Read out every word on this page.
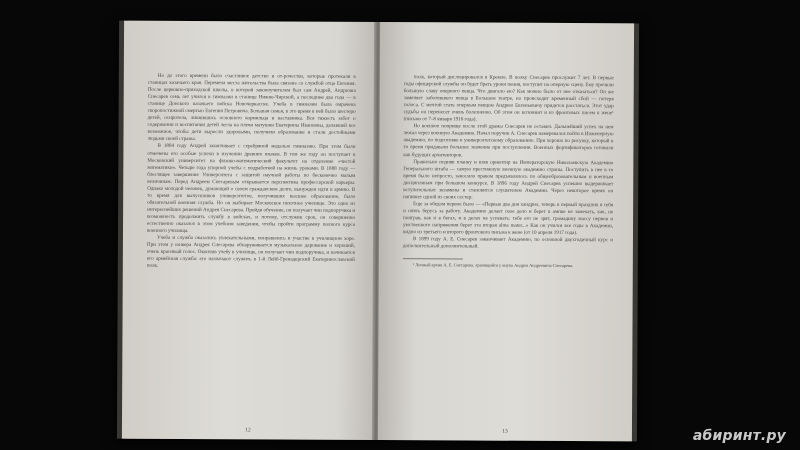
Но до этого времени было счастливое детство и от-рочество, которые протекали в станицах казачьего края. Перемена места жительства была связана со службой отца Евгения. После церковно-приходской школы, в которой законоучителем был сам Андрей, Андрюша Снесарев семь лет учился в гимназии в станице Нижне-Чирской, а последние два года — в станице Донского казачьего войска Новочеркасске. Учеба в гимназии была омрачена скоропостижной смертью Евгения Петровича. Большая семья, в это время в ней было шестеро детей, осиротела, лишившись основного кормильца и наставника. Вся тяжесть забот о содержании и воспитании детей легла на плечи матушки Екатерины Ивановны, делавшей все возможное, чтобы дети выросли здоровыми, получили образование и стали достойными людьми своей страны.

В 1884 году Андрей заканчивает с серебряной медалью гимназию. При этом были отмечены его особые успехи в изучении древних языков. В том же году он поступает в Московский университет на физико-математический факультет на отделение «чистой математики». Четыре года упорной учебы с подработкой на жизнь уроками. В 1888 году — блестящее завершение Университета с защитой научной работы по бесконечно малым величинам. Перед Андреем Снесаревым открывается перспектива профессорской карьеры. Однако молодой человек, думающий о своем гражданском долге, вынужден идти в армию. В то время для выпускников университетов, получивших высшее образование, было обязательной военная служба. Но он выбирает Московское пехотное училище. Это одно из интереснейших решений Андрея Снесарева. Пройдя обучение, он получает чин подпоручика и возможность продолжить службу в войсках, и потому, отслужив срок, он совершенно естественно оказался в этом учебном заведении, чтобы пройти программу полного курса военного училища.

Учеба и служба оказались увлекательными, понравились и участие в училищном хоре. При этом у юнкера Андрея Снесарева обнаруживается музыкальное дарование и хороший, очень красивый голос. Окончив учебу в училище, он получает чин подпоручика, и начинается его армейская служба: его назначают служить в 1-й Лейб-Гренадерский Екатеринославский полк.

12

полк, который дислоцировался в Кремле. В полку Снесарев прослужит 7 лет. В первые годы офицерской службы он будет брать уроки пения, поступит на оперную сцену. Ему прочили большую славу оперного певца. Что двигало ею? Как можно было от нее отказаться? Он же заменяет заболевшего певца в Большом театре, но происходит временный сбой — потеря голоса. С мечтой стать оперным певцом Андрею Евгеньевичу придется расстаться. Этот удар судьбы он перенесет очень болезненно. Об этом он вспомнит и из фронтовых писем к жене¹ (письмо от 7–8 января 1916 года).

Но военное поприще после этой драмы Снесарев не оставил. Дальнейший успех на нем лежал через военную Академию. Начал поручик А. Снесарев намеревался пойти в Инженерную академию, по подготовке к университетскому образованию. При хорошо по рисунку, который в то время придавали большое значение при поступлении. Военных фортификаторов готовили как будущих архитекторов.

Правильно подняв планку и взяв ориентир на Императорскую Николаевскую Академию Генерального штаба — самую престижную военную академию страны. Поступить в нее в то время было непросто, заносило правом предъявлялось по общеобразовательным и военным дисциплинам при большом конкурсе. В 1896 году Андрей Снесарев успешно выдерживает вступительные экзамены и становится слушателем Академии. Через некоторое время он напишет одной из своих сестер:

Еще за обедом первое было — «Первые два дня хандрил, теперь в первый праздник я себя и опять берусь за работу. Академию делает свое дело и берет в ампке не замечать, как, не поиграв, как и в бегах, и в делах не успевать: тебе его не зрят, громадину массу нервов и умственного напряжения берет эта вторая alma mater...» Как он учился все годы в Академии, видно из третьего и второго фронтового письма к жене (от 10 апреля 1917 года).

В 1899 году А. Е. Снесарев заканчивает Академию, по основной двухгодичный курс и дополнительный дополнительный.

¹ Личный архив А. Е. Снесарева, хранящийся у внука Андрея Андреевича Снесарева.

13	абиринт.ру
